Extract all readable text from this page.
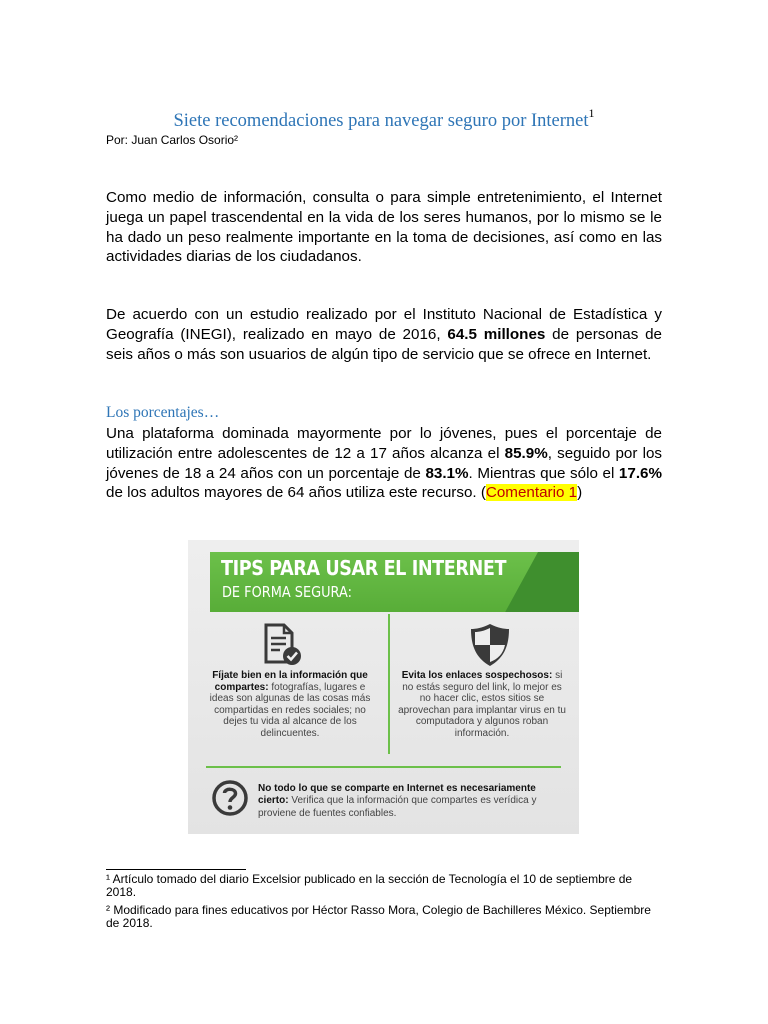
Siete recomendaciones para navegar seguro por Internet$^1$
Por: Juan Carlos Osorio²
Como medio de información, consulta o para simple entretenimiento, el Internet juega un papel trascendental en la vida de los seres humanos, por lo mismo se le ha dado un peso realmente importante en la toma de decisiones, así como en las actividades diarias de los ciudadanos.
De acuerdo con un estudio realizado por el Instituto Nacional de Estadística y Geografía (INEGI), realizado en mayo de 2016, 64.5 millones de personas de seis años o más son usuarios de algún tipo de servicio que se ofrece en Internet.
Los porcentajes…
Una plataforma dominada mayormente por lo jóvenes, pues el porcentaje de utilización entre adolescentes de 12 a 17 años alcanza el 85.9%, seguido por los jóvenes de 18 a 24 años con un porcentaje de 83.1%. Mientras que sólo el 17.6% de los adultos mayores de 64 años utiliza este recurso. (Comentario 1)
TIPS PARA USAR EL INTERNET
DE FORMA SEGURA:
Fíjate bien en la información que compartes: fotografías, lugares e ideas son algunas de las cosas más compartidas en redes sociales; no dejes tu vida al alcance de los delincuentes.
Evita los enlaces sospechosos: si no estás seguro del link, lo mejor es no hacer clic, estos sitios se aprovechan para implantar virus en tu computadora y algunos roban información.
No todo lo que se comparte en Internet es necesariamente cierto: Verifica que la información que compartes es verídica y proviene de fuentes confiables.
¹ Artículo tomado del diario Excelsior publicado en la sección de Tecnología el 10 de septiembre de 2018.
² Modificado para fines educativos por Héctor Rasso Mora, Colegio de Bachilleres México. Septiembre de 2018.
